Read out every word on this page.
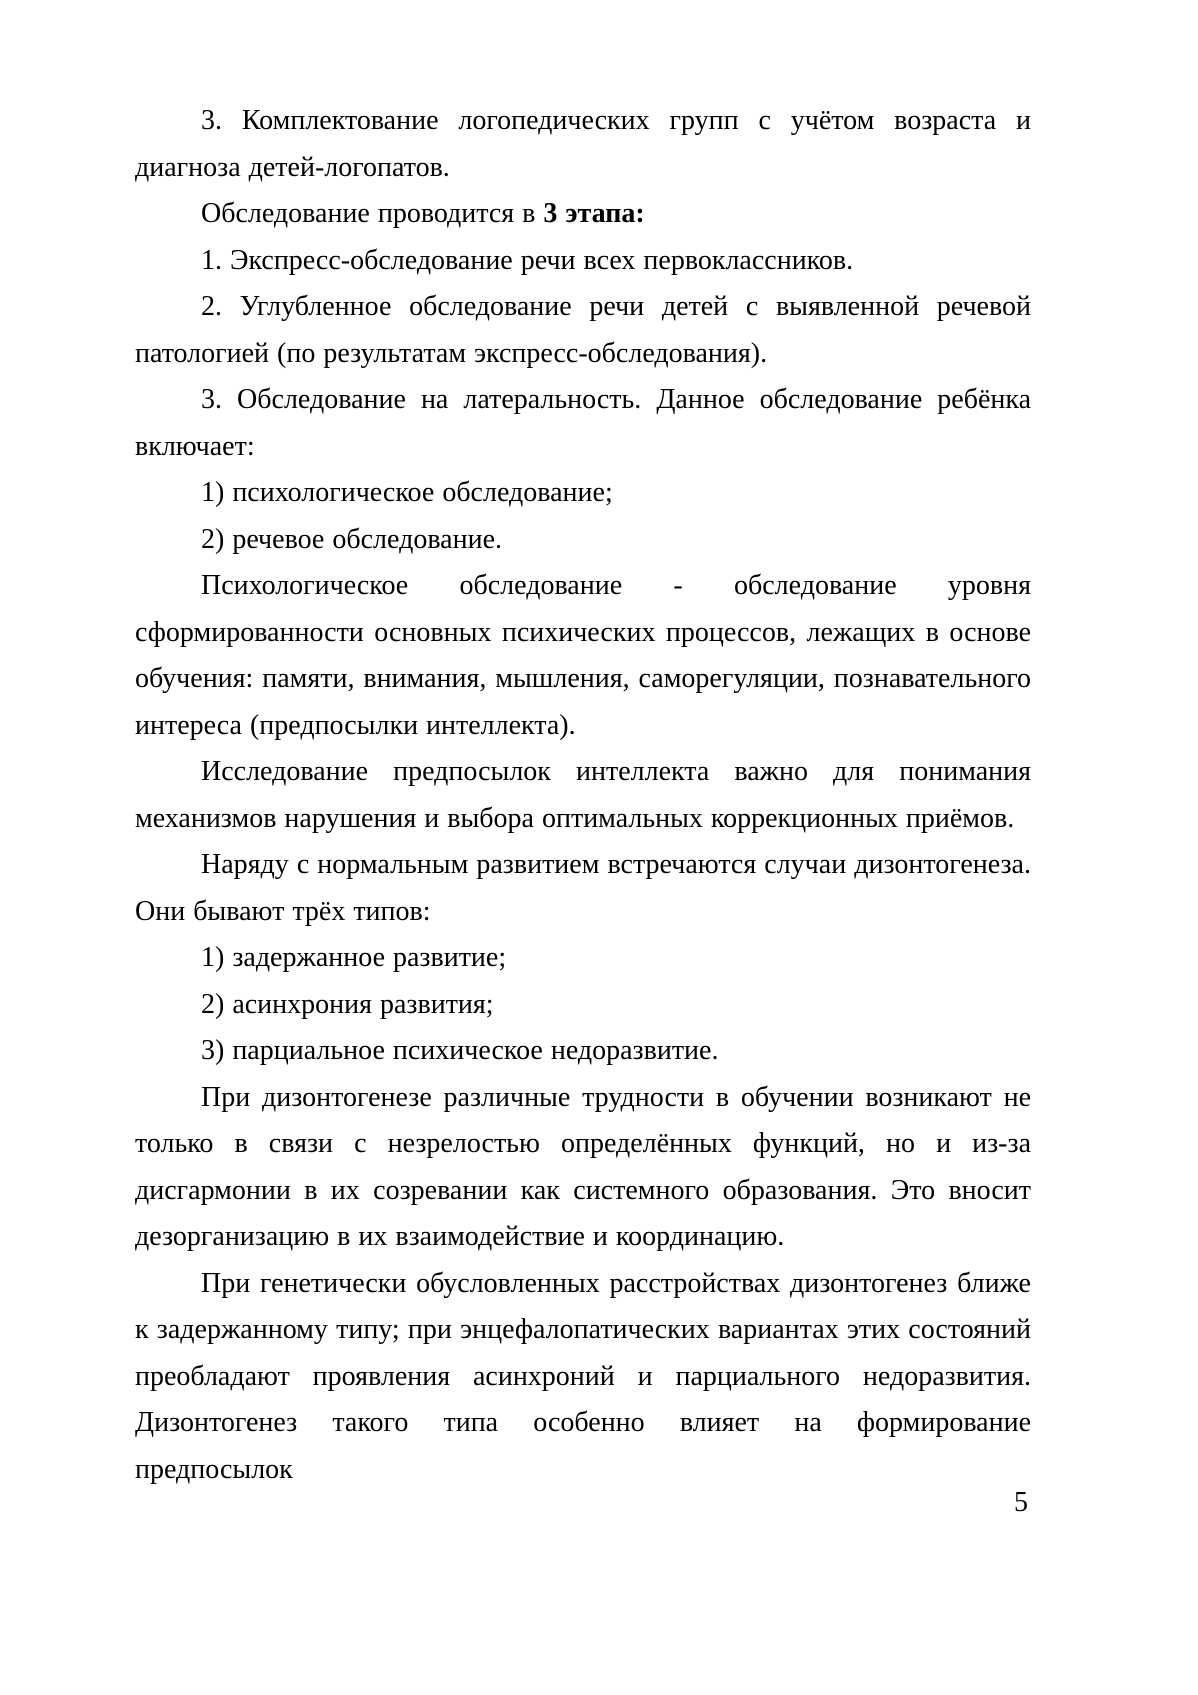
3. Комплектование логопедических групп с учётом возраста и диагноза детей-логопатов.

Обследование проводится в 3 этапа:

1. Экспресс-обследование речи всех первоклассников.

2. Углубленное обследование речи детей с выявленной речевой патологией (по результатам экспресс-обследования).

3. Обследование на латеральность. Данное обследование ребёнка включает:

1) психологическое обследование;

2) речевое обследование.

Психологическое обследование - обследование уровня сформированности основных психических процессов, лежащих в основе обучения: памяти, внимания, мышления, саморегуляции, познавательного интереса (предпосылки интеллекта).

Исследование предпосылок интеллекта важно для понимания механизмов нарушения и выбора оптимальных коррекционных приёмов.

Наряду с нормальным развитием встречаются случаи дизонтогенеза. Они бывают трёх типов:

1) задержанное развитие;

2) асинхрония развития;

3) парциальное психическое недоразвитие.

При дизонтогенезе различные трудности в обучении возникают не только в связи с незрелостью определённых функций, но и из-за дисгармонии в их созревании как системного образования. Это вносит дезорганизацию в их взаимодействие и координацию.

При генетически обусловленных расстройствах дизонтогенез ближе к задержанному типу; при энцефалопатических вариантах этих состояний преобладают проявления асинхроний и парциального недоразвития. Дизонтогенез такого типа особенно влияет на формирование предпосылок

5
